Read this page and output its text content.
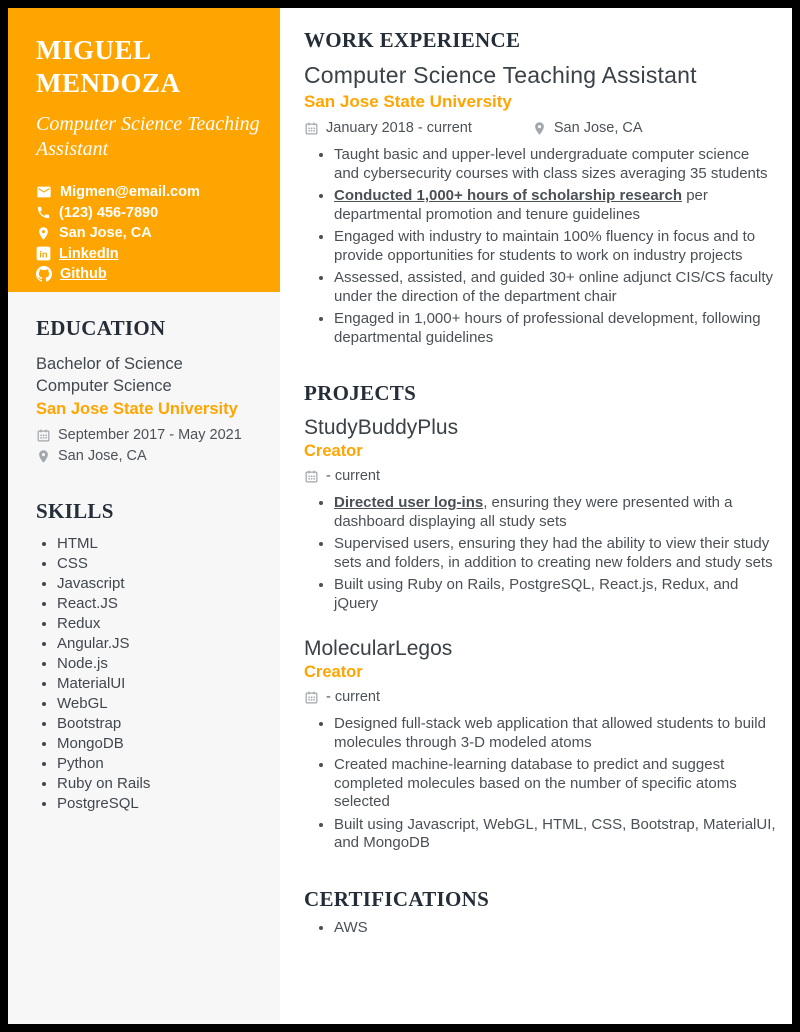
MIGUEL
MENDOZA
Computer Science Teaching Assistant
Migmen@email.com
(123) 456-7890
San Jose, CA
in LinkedIn
Github
EDUCATION
Bachelor of Science
Computer Science
San Jose State University
September 2017 - May 2021
San Jose, CA
SKILLS
• HTML
• CSS
• Javascript
• React.JS
• Redux
• Angular.JS
• Node.js
• MaterialUI
• WebGL
• Bootstrap
• MongoDB
• Python
• Ruby on Rails
• PostgreSQL
WORK EXPERIENCE
Computer Science Teaching Assistant
San Jose State University
January 2018 - current	San Jose, CA
• Taught basic and upper-level undergraduate computer science and cybersecurity courses with class sizes averaging 35 students
• Conducted 1,000+ hours of scholarship research per departmental promotion and tenure guidelines
• Engaged with industry to maintain 100% fluency in focus and to provide opportunities for students to work on industry projects
• Assessed, assisted, and guided 30+ online adjunct CIS/CS faculty under the direction of the department chair
• Engaged in 1,000+ hours of professional development, following departmental guidelines
PROJECTS
StudyBuddyPlus
Creator
- current
• Directed user log-ins, ensuring they were presented with a dashboard displaying all study sets
• Supervised users, ensuring they had the ability to view their study sets and folders, in addition to creating new folders and study sets
• Built using Ruby on Rails, PostgreSQL, React.js, Redux, and jQuery
MolecularLegos
Creator
- current
• Designed full-stack web application that allowed students to build molecules through 3-D modeled atoms
• Created machine-learning database to predict and suggest completed molecules based on the number of specific atoms selected
• Built using Javascript, WebGL, HTML, CSS, Bootstrap, MaterialUI, and MongoDB
CERTIFICATIONS
• AWS
